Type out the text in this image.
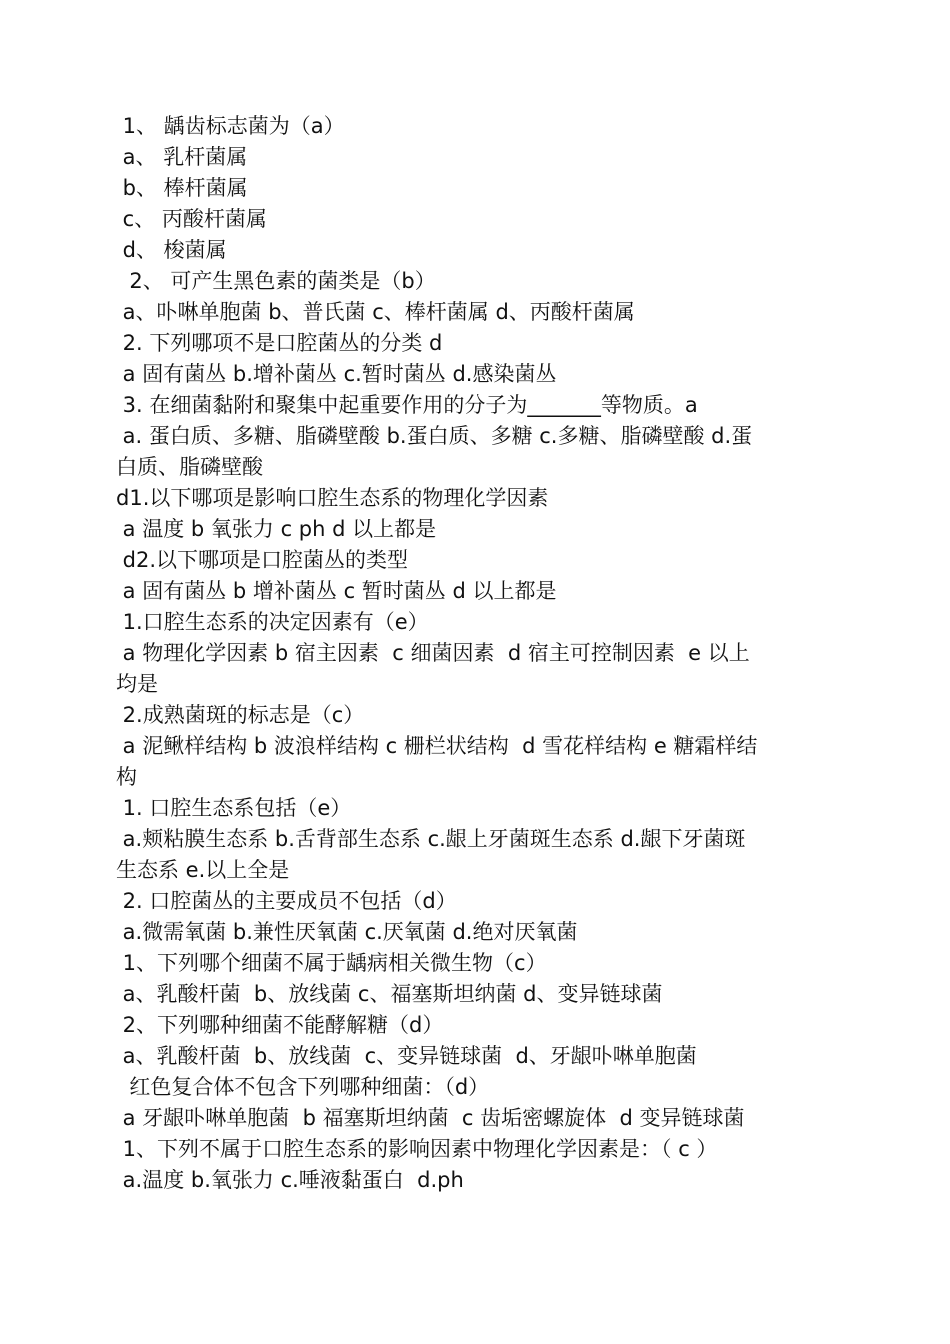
1、 龋齿标志菌为（a）
a、 乳杆菌属
b、 棒杆菌属
c、 丙酸杆菌属
d、 梭菌属
2、 可产生黑色素的菌类是（b）
a、卟啉单胞菌 b、普氏菌 c、棒杆菌属 d、丙酸杆菌属
2. 下列哪项不是口腔菌丛的分类 d
a 固有菌丛 b.增补菌丛 c.暂时菌丛 d.感染菌丛
3. 在细菌黏附和聚集中起重要作用的分子为_______等物质。a
a. 蛋白质、多糖、脂磷壁酸 b.蛋白质、多糖 c.多糖、脂磷壁酸 d.蛋
白质、脂磷壁酸
d1.以下哪项是影响口腔生态系的物理化学因素
a 温度 b 氧张力 c ph d 以上都是
d2.以下哪项是口腔菌丛的类型
a 固有菌丛 b 增补菌丛 c 暂时菌丛 d 以上都是
1.口腔生态系的决定因素有（e）
a 物理化学因素 b 宿主因素  c 细菌因素  d 宿主可控制因素  e 以上
均是
2.成熟菌斑的标志是（c）
a 泥鳅样结构 b 波浪样结构 c 栅栏状结构  d 雪花样结构 e 糖霜样结
构
1. 口腔生态系包括（e）
a.颊粘膜生态系 b.舌背部生态系 c.龈上牙菌斑生态系 d.龈下牙菌斑
生态系 e.以上全是
2. 口腔菌丛的主要成员不包括（d）
a.微需氧菌 b.兼性厌氧菌 c.厌氧菌 d.绝对厌氧菌
1、下列哪个细菌不属于龋病相关微生物（c）
a、乳酸杆菌  b、放线菌 c、福塞斯坦纳菌 d、变异链球菌
2、下列哪种细菌不能酵解糖（d）
a、乳酸杆菌  b、放线菌  c、变异链球菌  d、牙龈卟啉单胞菌
红色复合体不包含下列哪种细菌：（d）
a 牙龈卟啉单胞菌  b 福塞斯坦纳菌  c 齿垢密螺旋体  d 变异链球菌
1、下列不属于口腔生态系的影响因素中物理化学因素是：（ c ）
a.温度 b.氧张力 c.唾液黏蛋白  d.ph
